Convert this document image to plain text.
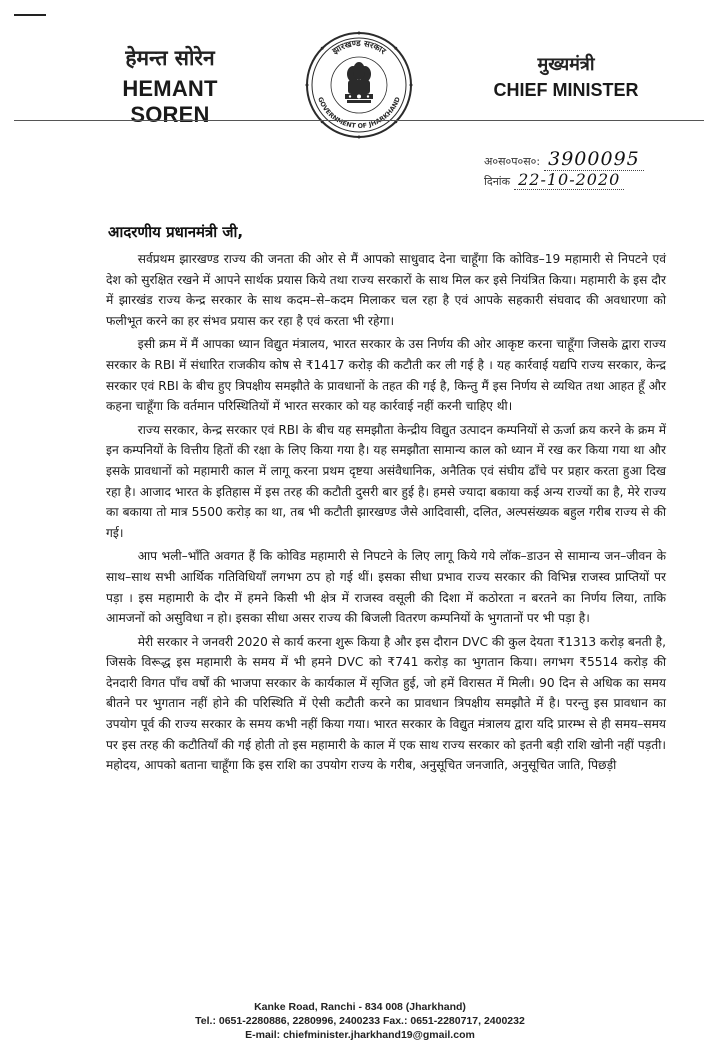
हेमन्त सोरेन
HEMANT SOREN
झारखण्ड सरकार
GOVERNMENT OF JHARKHAND
मुख्यमंत्री
CHIEF MINISTER
अ०स०प०स०: 3900095
दिनांक 22-10-2020
आदरणीय प्रधानमंत्री जी,

सर्वप्रथम झारखण्ड राज्य की जनता की ओर से मैं आपको साधुवाद देना चाहूँगा कि कोविड–19 महामारी से निपटने एवं देश को सुरक्षित रखने में आपने सार्थक प्रयास किये तथा राज्य सरकारों के साथ मिल कर इसे नियंत्रित किया। महामारी के इस दौर में झारखंड राज्य केन्द्र सरकार के साथ कदम–से–कदम मिलाकर चल रहा है एवं आपके सहकारी संघवाद की अवधारणा को फलीभूत करने का हर संभव प्रयास कर रहा है एवं करता भी रहेगा।

इसी क्रम में मैं आपका ध्यान विद्युत मंत्रालय, भारत सरकार के उस निर्णय की ओर आकृष्ट करना चाहूँगा जिसके द्वारा राज्य सरकार के RBI में संधारित राजकीय कोष से ₹1417 करोड़ की कटौती कर ली गई है । यह कार्रवाई यद्यपि राज्य सरकार, केन्द्र सरकार एवं RBI के बीच हुए त्रिपक्षीय समझौते के प्रावधानों के तहत की गई है, किन्तु मैं इस निर्णय से व्यथित तथा आहत हूँ और कहना चाहूँगा कि वर्तमान परिस्थितियों में भारत सरकार को यह कार्रवाई नहीं करनी चाहिए थी।

राज्य सरकार, केन्द्र सरकार एवं RBI के बीच यह समझौता केन्द्रीय विद्युत उत्पादन कम्पनियों से ऊर्जा क्रय करने के क्रम में इन कम्पनियों के वित्तीय हितों की रक्षा के लिए किया गया है। यह समझौता सामान्य काल को ध्यान में रख कर किया गया था और इसके प्रावधानों को महामारी काल में लागू करना प्रथम दृष्टया असंवैधानिक, अनैतिक एवं संघीय ढाँचे पर प्रहार करता हुआ दिख रहा है। आजाद भारत के इतिहास में इस तरह की कटौती दुसरी बार हुई है। हमसे ज्यादा बकाया कई अन्य राज्यों का है, मेरे राज्य का बकाया तो मात्र 5500 करोड़ का था, तब भी कटौती झारखण्ड जैसे आदिवासी, दलित, अल्पसंख्यक बहुल गरीब राज्य से की गई।

आप भली–भाँति अवगत हैं कि कोविड महामारी से निपटने के लिए लागू किये गये लॉक–डाउन से सामान्य जन–जीवन के साथ–साथ सभी आर्थिक गतिविधियाँ लगभग ठप हो गई थीं। इसका सीधा प्रभाव राज्य सरकार की विभिन्न राजस्व प्राप्तियों पर पड़ा । इस महामारी के दौर में हमने किसी भी क्षेत्र में राजस्व वसूली की दिशा में कठोरता न बरतने का निर्णय लिया, ताकि आमजनों को असुविधा न हो। इसका सीधा असर राज्य की बिजली वितरण कम्पनियों के भुगतानों पर भी पड़ा है।

मेरी सरकार ने जनवरी 2020 से कार्य करना शुरू किया है और इस दौरान DVC की कुल देयता ₹1313 करोड़ बनती है, जिसके विरूद्ध इस महामारी के समय में भी हमने DVC को ₹741 करोड़ का भुगतान किया। लगभग ₹5514 करोड़ की देनदारी विगत पाँच वर्षों की भाजपा सरकार के कार्यकाल में सृजित हुई, जो हमें विरासत में मिली। 90 दिन से अधिक का समय बीतने पर भुगतान नहीं होने की परिस्थिति में ऐसी कटौती करने का प्रावधान त्रिपक्षीय समझौते में है। परन्तु इस प्रावधान का उपयोग पूर्व की राज्य सरकार के समय कभी नहीं किया गया। भारत सरकार के विद्युत मंत्रालय द्वारा यदि प्रारम्भ से ही समय–समय पर इस तरह की कटौतियाँ की गई होती तो इस महामारी के काल में एक साथ राज्य सरकार को इतनी बड़ी राशि खोनी नहीं पड़ती। महोदय, आपको बताना चाहूँगा कि इस राशि का उपयोग राज्य के गरीब, अनुसूचित जनजाति, अनुसूचित जाति, पिछड़ी

Kanke Road, Ranchi - 834 008 (Jharkhand)
Tel.: 0651-2280886, 2280996, 2400233 Fax.: 0651-2280717, 2400232
E-mail: chiefminister.jharkhand19@gmail.com
